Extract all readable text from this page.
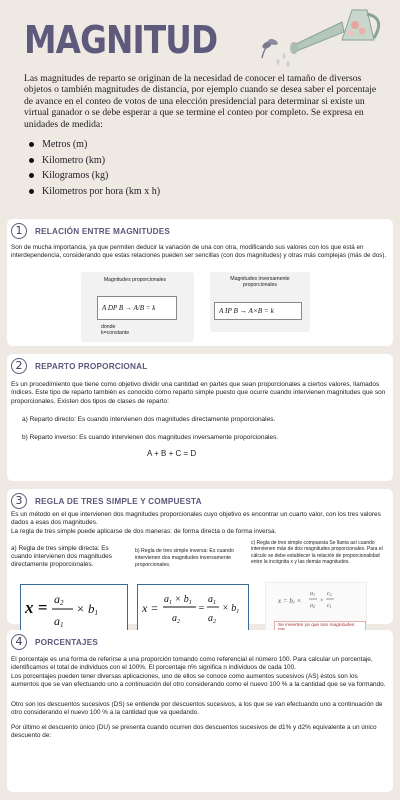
MAGNITUD

Las magnitudes de reparto se originan de la necesidad de conocer el tamaño de diversos objetos o también magnitudes de distancia, por ejemplo cuando se desea saber el porcentaje de avance en el conteo de votos de una elección presidencial para determinar si existe un virtual ganador o se debe esperar a que se termine el conteo por completo. Se expresa en unidades de medida:

Metros (m)
Kilometro (km)
Kilogramos (kg)
Kilometros por hora (km x h)
1	RELACIÓN ENTRE MAGNITUDES

Son de mucha importancia, ya que permiten deducir la variación de una con otra, modificando sus valores con los que está en interdependencia, considerando que estas relaciones pueden ser sencillas (con dos magnitudes) y otras más complejas (más de dos).

Magnitudes proporcionales
A DP B → A/B = k
donde k=constante
Magnitudes inversamente proporcionales
A IP B → A×B = k
2	REPARTO PROPORCIONAL

Es un procedimiento que tiene como objetivo dividir una cantidad en partes que sean proporcionales a ciertos valores, llamados índices. Este tipo de reparto también es conocido como reparto simple puesto que ocurre cuando intervienen magnitudes que son proporcionales. Existen dos tipos de clases de reparto:

a) Reparto directo: Es cuando intervienen dos magnitudes directamente proporcionales.

b) Reparto inverso: Es cuando intervienen dos magnitudes inversamente proporcionales.

A + B + C = D
3	REGLA DE TRES SIMPLE Y COMPUESTA

Es un método en el que intervienen dos magnitudes proporcionales cuyo objetivo es encontrar un cuarto valor, con los tres valores dados a esas dos magnitudes.

La regla de tres simple puede aplicarse de dos maneras: de forma directa o de forma inversa.

a) Regla de tres simple directa: Es cuando intervienen dos magnitudes directamente proporcionales.

b) Regla de tres simple inversa: Es cuando intervienen dos magnitudes inversamente proporcionales.

c) Regla de tres simple compuesta Se llama así cuando intervienen más de dos magnitudes proporcionales. Para el cálculo se debe establecer la relación de proporcionalidad entre la incógnita x y las demás magnitudes.

x = a2
a1
× b1	x =
$a_1 \times b_1$
$a_2$
=
$a_1$
$a_2$
× $b_1$
x = b1 ×
a1
a2
×
c2
c1
Se invierten ya que son magnitudes
4	PORCENTAJES

El porcentaje es una forma de referirse a una proporción tomando como referencial el número 100. Para calcular un porcentaje, identificamos el total de individuos con el 100%. El porcentaje n% significa n individuos de cada 100.

Los porcentajes pueden tener diversas aplicaciones, uno de ellos se conoce como aumentos sucesivos (AS) éstos son los aumentos que se van efectuando uno a continuación del otro considerando como el nuevo 100 % a la cantidad que se va formando.

Otro son los descuentos sucesivos (DS) se entiende por descuentos sucesivos, a los que se van efectuando uno a continuación de otro considerando el nuevo 100 % a la cantidad que va quedando.

Por último el descuento único (DU) se presenta cuando ocurren dos descuentos sucesivos de d1% y d2% equivalente a un único descuento de:
